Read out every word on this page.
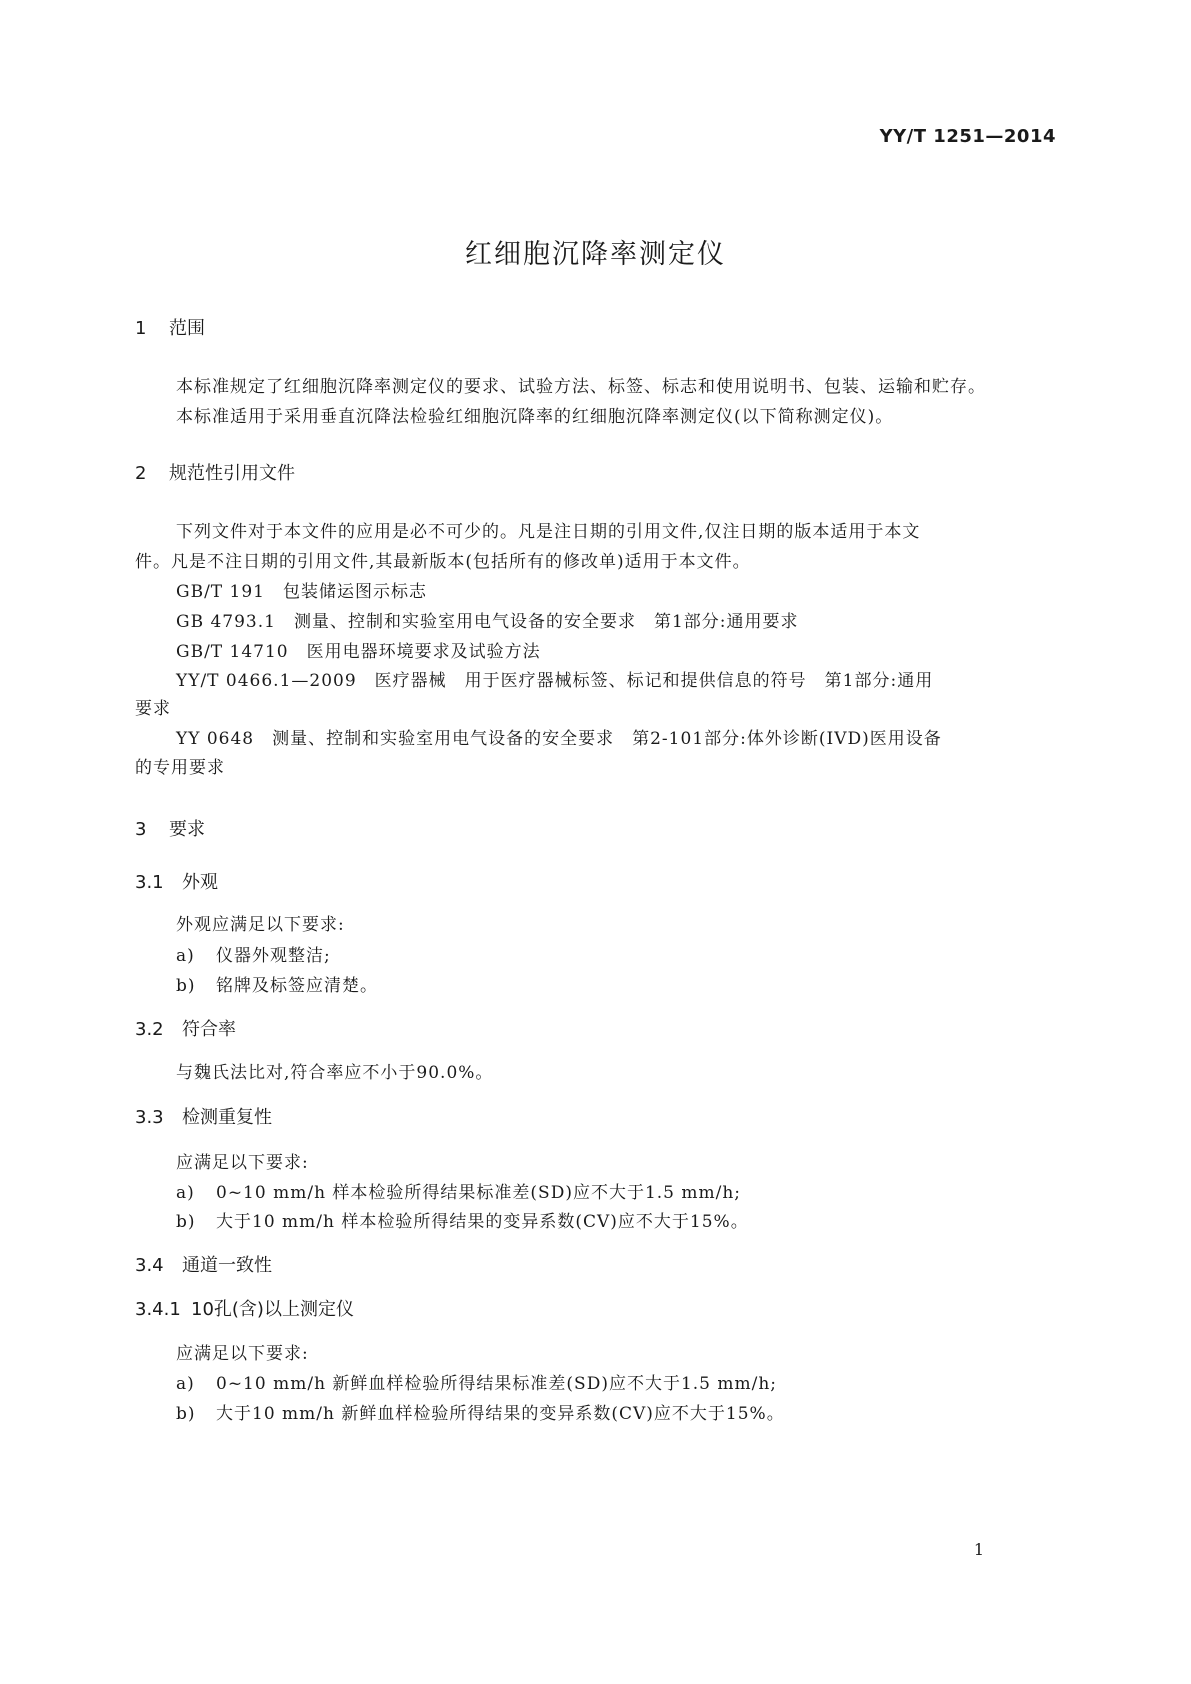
YY/T 1251—2014
红细胞沉降率测定仪
1 范围
本标准规定了红细胞沉降率测定仪的要求、试验方法、标签、标志和使用说明书、包装、运输和贮存。
本标准适用于采用垂直沉降法检验红细胞沉降率的红细胞沉降率测定仪(以下简称测定仪)。
2 规范性引用文件
下列文件对于本文件的应用是必不可少的。凡是注日期的引用文件,仅注日期的版本适用于本文
件。凡是不注日期的引用文件,其最新版本(包括所有的修改单)适用于本文件。
GB/T 191　包装储运图示标志
GB 4793.1　测量、控制和实验室用电气设备的安全要求　第1部分:通用要求
GB/T 14710　医用电器环境要求及试验方法
YY/T 0466.1—2009　医疗器械　用于医疗器械标签、标记和提供信息的符号　第1部分:通用
要求
YY 0648　测量、控制和实验室用电气设备的安全要求　第2-101部分:体外诊断(IVD)医用设备
的专用要求
3 要求
3.1 外观
外观应满足以下要求:
a) 仪器外观整洁;
b) 铭牌及标签应清楚。
3.2 符合率
与魏氏法比对,符合率应不小于90.0%。
3.3 检测重复性
应满足以下要求:
a) 0~10 mm/h 样本检验所得结果标准差(SD)应不大于1.5 mm/h;
b) 大于10 mm/h 样本检验所得结果的变异系数(CV)应不大于15%。
3.4 通道一致性
3.4.1 10孔(含)以上测定仪
应满足以下要求:
a) 0~10 mm/h 新鲜血样检验所得结果标准差(SD)应不大于1.5 mm/h;
b) 大于10 mm/h 新鲜血样检验所得结果的变异系数(CV)应不大于15%。
1
